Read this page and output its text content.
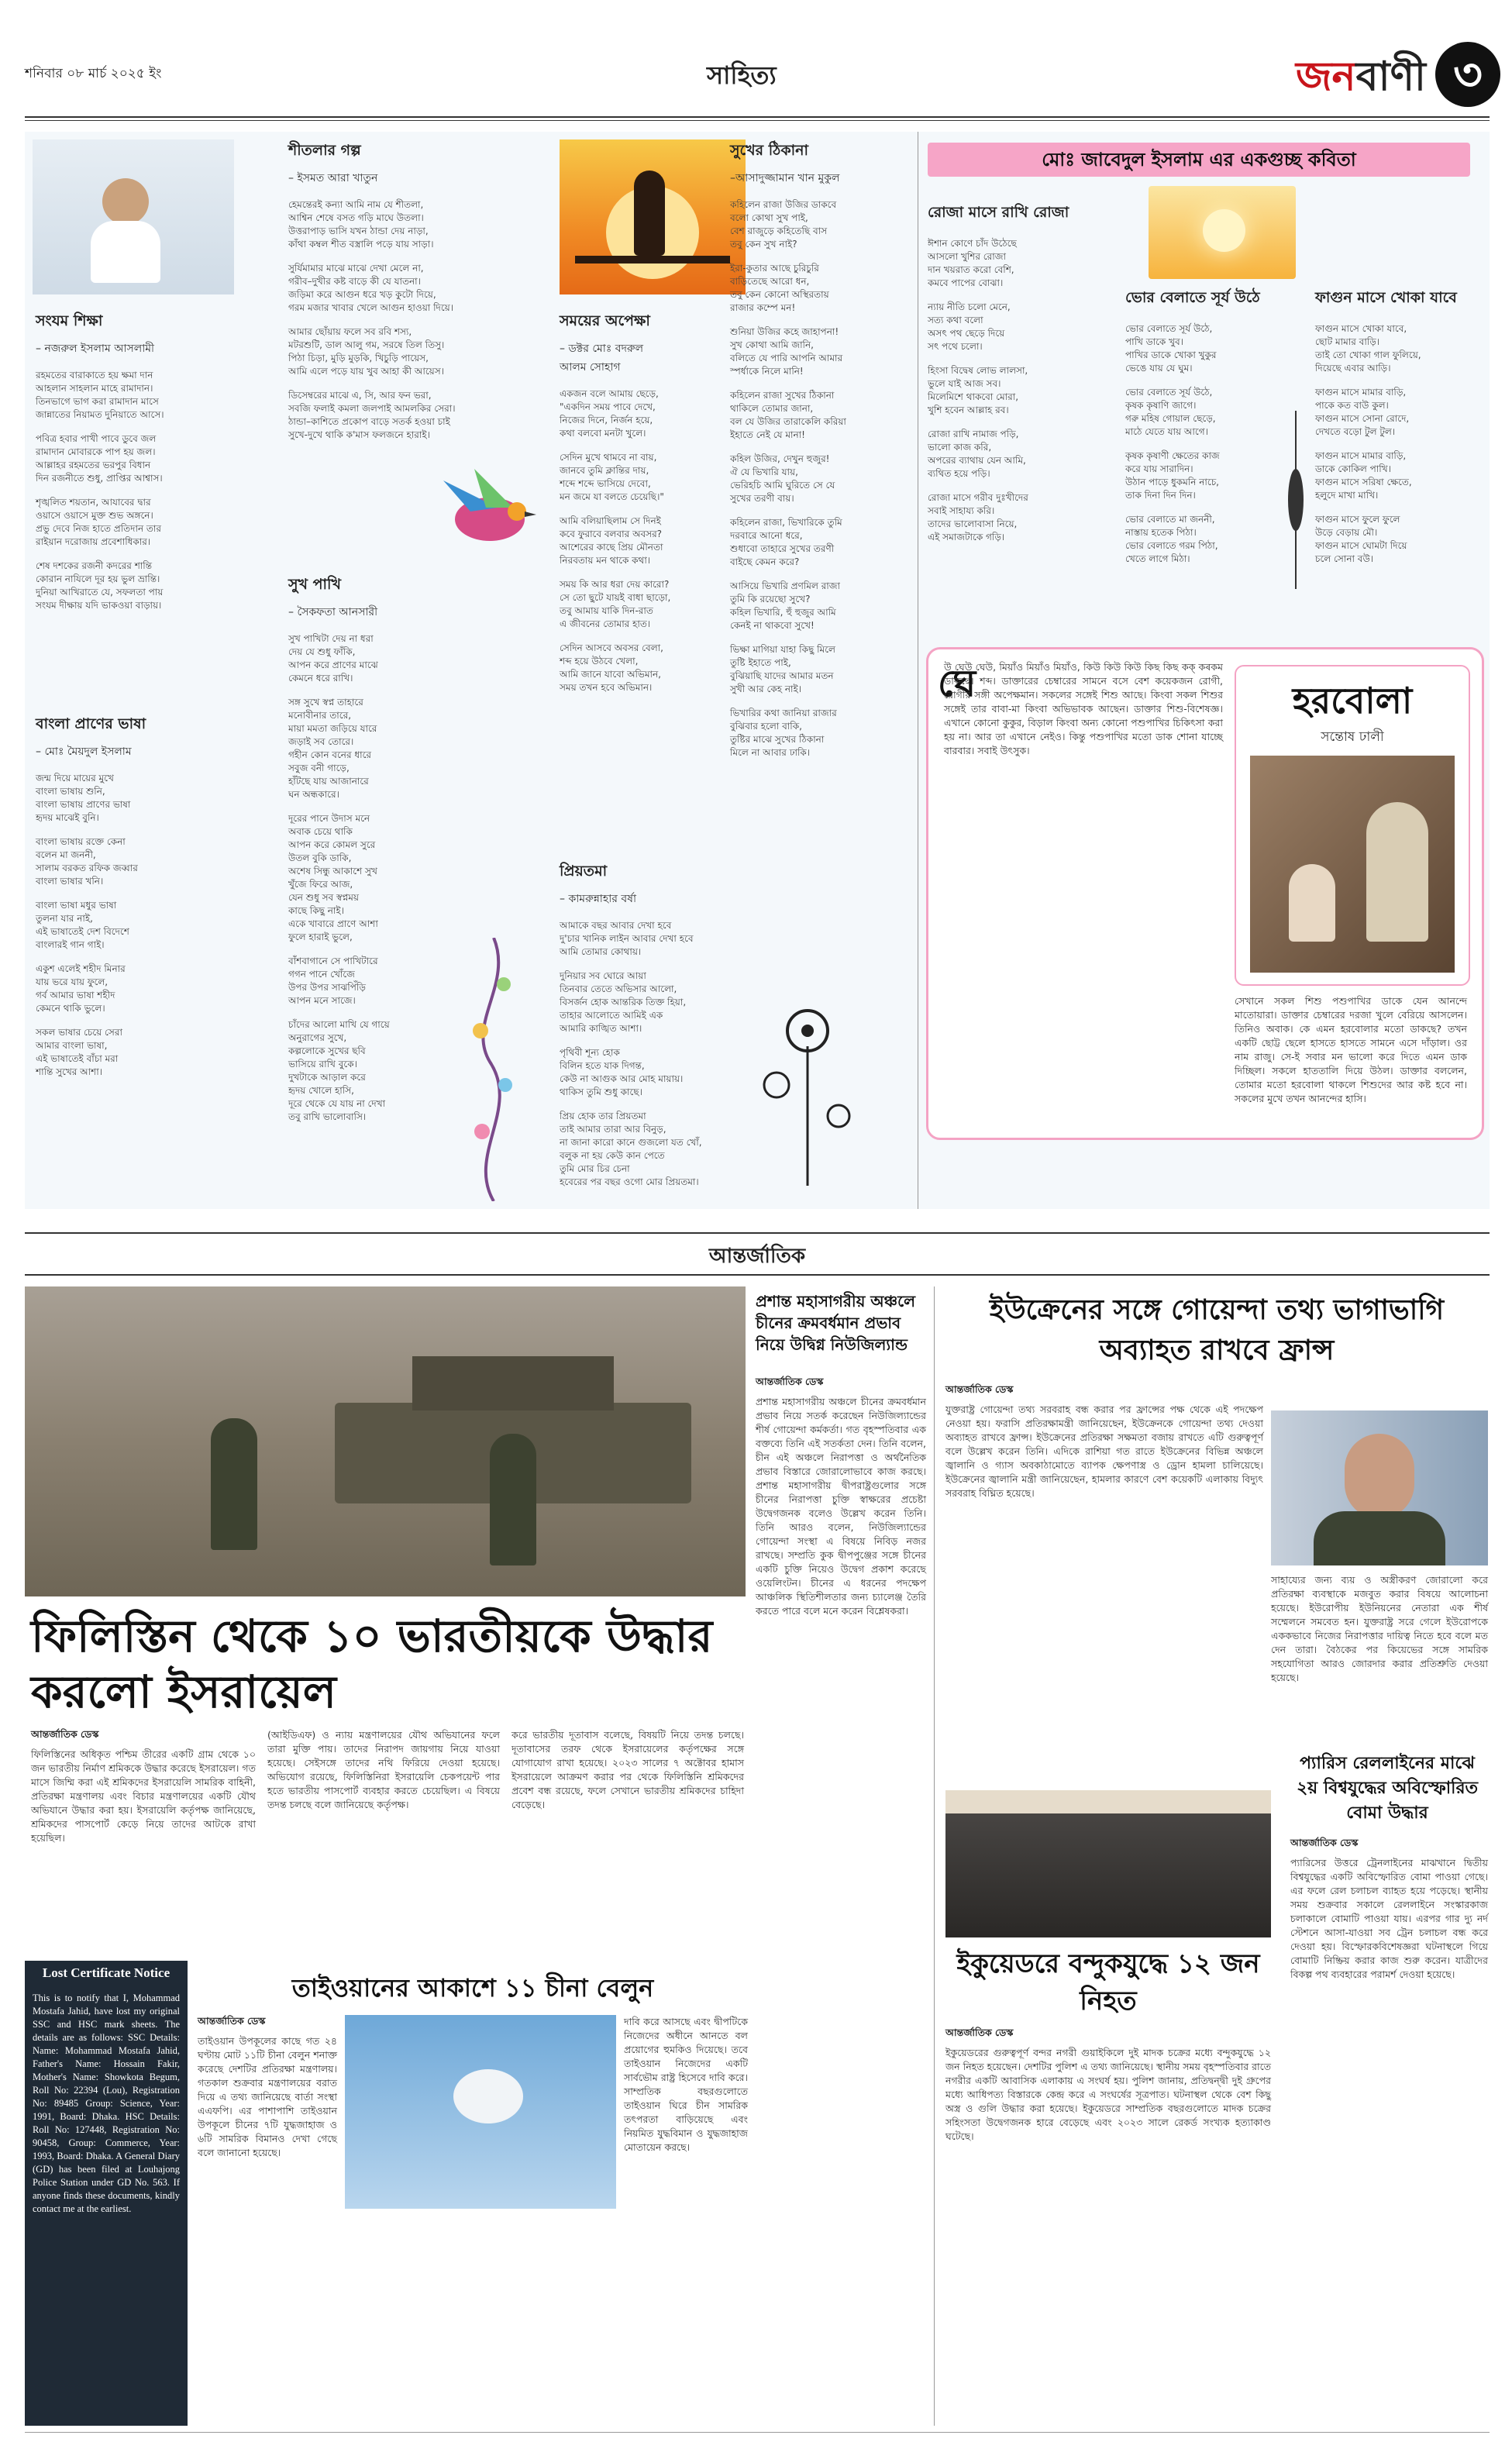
শনিবার ০৮ মার্চ ২০২৫ ইং	সাহিত্য	জনবাণী ৩
সংযম শিক্ষা
– নজরুল ইসলাম আসলামী
রহমতের বারাকাতে হয় ক্ষমা দান
আহলান সাহলান মাহে রামাদান।
তিনভাগে ভাগ করা রামাদান মাসে
জান্নাতের নিয়ামত দুনিয়াতে আসে।
পবিত্র হবার পাখী পাবে ডুবে জল
রামাদান মোবারকে পাপ হয় জল।
আল্লাহর রহমতের ভরপুর বিধান
দিন রজনীতে শুধু, প্রাপ্তির আশ্বাস।
শৃঙ্খলিত শয়তান, আযাবের দ্বার
ওয়াসে ওয়াসে মুক্ত শুভ অঙ্গনে।
প্রভু দেবে নিজ হাতে প্রতিদান তার
রাইয়ান দরোজায় প্রবেশাধিকার।
শেষ দশকের রজনী কদরের শান্তি
কোরান নাযিলে দূর হয় ভুল ভ্রান্তি।
দুনিয়া আখিরাতে যে, সফলতা পায়
সংযম দীক্ষায় যদি ভাকওয়া বাড়ায়।
বাংলা প্রাণের ভাষা
– মোঃ মৈয়দুল ইসলাম
জন্ম দিয়ে মায়ের মুখে
বাংলা ভাষায় শুনি,
বাংলা ভাষায় প্রাণের ভাষা
হৃদয় মাঝেই বুনি।
বাংলা ভাষায় রক্তে কেনা
বলেন মা জননী,
সালাম বরকত রফিক জব্বার
বাংলা ভাষার খনি।
বাংলা ভাষা মধুর ভাষা
তুলনা যার নাই,
এই ভাষাতেই দেশ বিদেশে
বাংলারই গান গাই।
একুশ এলেই শহীদ মিনার
যায় ভরে যায় ফুলে,
গর্ব আমার ভাষা শহীদ
কেমনে থাকি ভুলে।
সকল ভাষার চেয়ে সেরা
আমার বাংলা ভাষা,
এই ভাষাতেই বাঁচা মরা
শান্তি সুখের আশা।
শীতলার গল্প
– ইসমত আরা খাতুন
হেমন্তেরই কন্যা আমি নাম যে শীতলা,
আশ্বিন শেষে বসত গড়ি মাঘে উতলা।
উত্তরাপাড় ভাসি যখন ঠান্ডা দেয় নাড়া,
কাঁথা কম্বল শীত বস্ত্রালি পড়ে যায় সাড়া।
সুর্যিমামার মাঝে মাঝে দেখা মেলে না,
গরীব–দুখীর কষ্ট বাড়ে কী যে যাতনা।
জড়িমা করে আগুন ধরে খড় কুটো দিয়ে,
গরম মজার খাবার খেলে আগুন হাওয়া দিয়ে।
আমার ছোঁয়ায় ফলে সব রবি শস্য,
মটরশুটি, ডাল আলু গম, সরষে তিল তিসু।
পিঠা চিড়া, মুড়ি মুড়কি, খিচুড়ি পায়েস,
আমি এলে পড়ে যায় খুব আহা কী আয়েস।
ডিসেম্বরের মাঝে এ, সি, আর ফন ভরা,
সবজি ফলাই কমলা জলপাই আমলকির সেরা।
ঠান্ডা–কাশিতে প্রকোপ বাড়ে সতর্ক হওয়া চাই
সুখে-দুখে থাকি ক'মাস ফলজনে হারাই।
সুখ পাখি
– সৈকফতা আনসারী
সুখ পাখিটা দেয় না ধরা
দেয় যে শুধু ফাঁকি,
আপন করে প্রাণের মাঝে
কেমনে ধরে রাখি।
সঙ্গ সুখে স্বপ্ন তাহারে
মনোবীনার তারে,
মায়া মমতা জড়িয়ে যারে
জড়াই সব তোরে।
গহীন কোন বনের ধারে
সবুজ বনী গাড়ে,
হাঁটছে যায় আজানারে
ঘন অন্ধকারে।
দূরের পানে উদাস মনে
অবাক চেয়ে থাকি
আপন করে কোমল সুরে
উতল বুকি ডাকি,
অশেষ সিন্ধু আকাশে সুখ
খুঁজে ফিরে আজ,
যেন শুধু সব স্বপ্নময়
কাছে কিছু নাই।
একে খাবারে প্রাণে আশা
ফুলে হারাই ভুলে,
বাঁশবাগানে সে পাখিটারে
গগন পানে খোঁজে
উপর উপর সাঝপিঁড়ি
আপন মনে সাজে।
চাঁদের আলো মাখি যে গায়ে
অনুরাগের সুখে,
কল্পলোকে সুখের ছবি
ভাসিয়ে রাখি বুকে।
দুখটাকে আড়াল করে
হৃদয় খোলে হাসি,
দূরে থেকে যে যায় না দেখা
তবু রাখি ভালোবাসি।
সময়ের অপেক্ষা
– ডক্টর মোঃ বদরুল
আলম সোহাগ
একজন বলে আমায় ছেড়ে,
"একদিন সময় পাবে দেখে,
নিজের দিনে, নির্জন হয়ে,
কথা বলবো মনটা খুলে।
সেদিন মুখে থামবে না বায়,
জানবে তুমি ক্লান্তির দায়,
শব্দে শব্দে ভাসিয়ে দেবো,
মন জমে যা বলতে চেয়েছি।"
আমি বলিয়াছিলাম সে দিনই
কবে ফুরাবে বলবার অবসর?
আশেরের কাছে প্রিয় মৌনতা
নিরবতায় মন থাকে কথা।
সময় কি আর ধরা দেয় কারো?
সে তো ছুটে যায়ই বাধা ছাড়ো,
তবু আমায় যাকি দিন-রাত
এ জীবনের তোমার হাত।
সেদিন আসবে অবসর বেলা,
শব্দ হয়ে উঠবে খেলা,
আমি জানে যাবো অভিমান,
সময় তখন হবে অভিমান।
প্রিয়তমা
– কামরুন্নাহার বর্ষা
আমাকে বছর আবার দেখা হবে
দু'চার খানিক লাইন আবার দেখা হবে
আমি তোমার কোথায়।
দুনিয়ার সব ঘোরে আয়া
তিনবার তেতে অভিসার আলো,
বিসর্জন হোক আন্তরিক তিক্ত হিয়া,
তাহার আলোতে আমিই এক
আমারি কাঙ্খিত আশা।
পৃথিবী শূন্য হোক
বিলিন হতে যাক দিগন্ত,
কেউ না আগুক আর মোহ মায়ায়।
থাকিস তুমি শুধু কাছে।
প্রিয় হোক তার প্রিয়তমা
তাই আমার তারা আর বিনুড়,
না জানা কারো কানে গুজলো যত খোঁ,
বলুক না হয় কেউ কান পেতে
তুমি মোর চির চেনা
হবেরের পর বছর ওগো মোর প্রিয়তমা।
সুখের ঠিকানা
–আসাদুজ্জামান খান মুকুল
কহিলেন রাজা উজির ডাকবে
বলো কোথা সুখ পাই,
বেশ রাজুড়ে কহিতেছি বাস
তবু কেন সুখ নাই?
ইরা-কুতার আছে চুরিচুরি
বাড়িতেছে আরো ধন,
তবু কেন কোনো অস্থিরতায়
রাজার কম্পে মন!
শুনিয়া উজির কহে জাহাপনা!
সুখ কোথা আমি জানি,
বলিতে যে পারি আপনি আমার
স্পর্ধাকে নিলে মানি!
কহিলেন রাজা সুখের ঠিকানা
থাকিলে তোমার জানা,
বল যে উজির তারাকেলি করিয়া
ইহাতে নেই যে মানা!
কহিল উজির, দেখুন হুজুর!
ঐ যে ভিখারি যায়,
ভেরিহচি আমি ঘুরিতে সে যে
সুখের তরণী বায়।
কহিলেন রাজা, ভিখারিকে তুমি
দরবারে আনো ধরে,
শুধাবো তাহারে সুখের তরণী
বাইছে কেমন করে?
আসিয়ে ভিখারি প্রণমিল রাজা
তুমি কি রয়েছো সুখে?
কহিল ভিখারি, হুঁ হুজুর আমি
কেনই না থাকবো সুখে!
ভিক্ষা মাগিয়া যাহা কিছু মিলে
তুষ্টি ইহাতে পাই,
বুঝিয়াছি যাদের আমার মতন
সুখী আর কেহ নাই।
ভিখারির কথা জানিয়া রাজার
বুঝিবার হলো বাকি,
তুষ্টির মাঝে সুখের ঠিকানা
মিলে না আবার ঢাকি।
মোঃ জাবেদুল ইসলাম এর একগুচ্ছ কবিতা
রোজা মাসে রাখি রোজা
ঈশান কোণে চাঁদ উঠেছে
আসলো খুশির রোজা
দান খয়রাত করো বেশি,
কমবে পাপের বোঝা।
ন্যায় নীতি চলো মেনে,
সত্য কথা বলো
অসৎ পথ ছেড়ে দিয়ে
সৎ পথে চলো।
হিংসা বিদ্বেষ লোভ লালসা,
ভুলে যাই আজ সব।
মিলেমিশে থাকবো মোরা,
খুশি হবেন আল্লাহ রব।
রোজা রাখি নামাজ পড়ি,
ভালো কাজ করি,
অপরের ব্যাথায় যেন আমি,
ব্যথিত হয়ে পড়ি।
রোজা মাসে গরীব দুঃখীদের
সবাই সাহায্য করি।
তাদের ভালোবাসা নিয়ে,
এই সমাজটাকে গড়ি।
ভোর বেলাতে সূর্য উঠে
ভোর বেলাতে সূর্য উঠে,
পাখি ডাকে খুব।
পাখির ডাকে খোকা খুকুর
ভেঙে যায় যে ঘুম।
ভোর বেলাতে সূর্য উঠে,
কৃষক কৃষাণি জাগে।
গরু মহিষ গোয়াল ছেড়ে,
মাঠে যেতে যায় আগে।
কৃষক কৃষাণী ক্ষেতের কাজ
করে যায় সারাদিন।
উঠান পাড়ে ধুকমনি নাচে,
তাক দিনা দিন দিন।
ভোর বেলাতে মা জননী,
নাস্তায় হতেক পিঠা।
ভোর বেলাতে গরম পিঠা,
খেতে লাগে মিঠা।
ফাগুন মাসে খোকা যাবে
ফাগুন মাসে খোকা যাবে,
ছোট মামার বাড়ি।
তাই তো খোকা গাল ফুলিয়ে,
দিয়েছে এবার আড়ি।
ফাগুন মাসে মামার বাড়ি,
পাকে কত বাউ কুল।
ফাগুন মাসে সোনা রোদে,
দেখতে বড়ো টুল টুল।
ফাগুন মাসে মামার বাড়ি,
ডাকে কোকিল পাখি।
ফাগুন মাসে সরিষা ক্ষেতে,
হলুদে মাখা মাখি।
ফাগুন মাসে ফুলে ফুলে
উড়ে বেড়ায় মৌ।
ফাগুন মাসে ঘোমটা দিয়ে
চলে সোনা বউ।
ঘে
উ ঘেউ ঘেউ, মিয়াঁও মিয়াঁও মিয়াঁও, কিউ কিউ কিউ কিছ কিছ কক্ কৰকম ডাকছে। শব্দ। ডাক্তারের চেম্বারের সামনে বসে বেশ কয়েকজন রোগী, রোগীর সঙ্গী অপেক্ষমান। সকলের সঙ্গেই শিশু আছে। কিংবা সকল শিশুর সঙ্গেই তার বাবা-মা কিংবা অভিভাবক আছেন। ডাক্তার শিশু-বিশেষজ্ঞ। এখানে কোনো কুকুর, বিড়াল কিংবা অন্য কোনো পশুপাখির চিকিৎসা করা হয় না। আর তা এখানে নেইও। কিন্তু পশুপাখির মতো ডাক শোনা যাচ্ছে বারবার। সবাই উৎসুক।
হরবোলা
সন্তোষ ঢালী
সেখানে সকল শিশু পশুপাখির ডাকে যেন আনন্দে মাতোয়ারা। ডাক্তার চেম্বারের দরজা খুলে বেরিয়ে আসলেন। তিনিও অবাক। কে এমন হরবোলার মতো ডাকছে? তখন একটি ছোট্ট ছেলে হাসতে হাসতে সামনে এসে দাঁড়াল। ওর নাম রাজু। সে-ই সবার মন ভালো করে দিতে এমন ডাক দিচ্ছিল। সকলে হাততালি দিয়ে উঠল। ডাক্তার বললেন, তোমার মতো হরবোলা থাকলে শিশুদের আর কষ্ট হবে না। সকলের মুখে তখন আনন্দের হাসি।
আন্তর্জাতিক
ফিলিস্তিন থেকে ১০ ভারতীয়কে উদ্ধার করলো ইসরায়েল
আন্তর্জাতিক ডেস্ক
ফিলিস্তিনের অধিকৃত পশ্চিম তীরের একটি গ্রাম থেকে ১০ জন ভারতীয় নির্মাণ শ্রমিককে উদ্ধার করেছে ইসরায়েল। গত মাসে জিম্মি করা এই শ্রমিকদের ইসরায়েলি সামরিক বাহিনী, প্রতিরক্ষা মন্ত্রণালয় এবং বিচার মন্ত্রণালয়ের একটি যৌথ অভিযানে উদ্ধার করা হয়। ইসরায়েলি কর্তৃপক্ষ জানিয়েছে, শ্রমিকদের পাসপোর্ট কেড়ে নিয়ে তাদের আটকে রাখা হয়েছিল।
(আইডিএফ) ও ন্যায় মন্ত্রণালয়ের যৌথ অভিযানের ফলে তারা মুক্তি পায়। তাদের নিরাপদ জায়গায় নিয়ে যাওয়া হয়েছে। সেইসঙ্গে তাদের নথি ফিরিয়ে দেওয়া হয়েছে। অভিযোগ রয়েছে, ফিলিস্তিনিরা ইসরায়েলি চেকপয়েন্ট পার হতে ভারতীয় পাসপোর্ট ব্যবহার করতে চেয়েছিল। এ বিষয়ে তদন্ত চলছে বলে জানিয়েছে কর্তৃপক্ষ।
করে ভারতীয় দূতাবাস বলেছে, বিষয়টি নিয়ে তদন্ত চলছে। দূতাবাসের তরফ থেকে ইসরায়েলের কর্তৃপক্ষের সঙ্গে যোগাযোগ রাখা হয়েছে। ২০২৩ সালের ৭ অক্টোবর হামাস ইসরায়েলে আক্রমণ করার পর থেকে ফিলিস্তিনি শ্রমিকদের প্রবেশ বন্ধ রয়েছে, ফলে সেখানে ভারতীয় শ্রমিকদের চাহিদা বেড়েছে।
Lost Certificate Notice
This is to notify that I, Mohammad Mostafa Jahid, have lost my original SSC and HSC mark sheets. The details are as follows: SSC Details: Name: Mohammad Mostafa Jahid, Father's Name: Hossain Fakir, Mother's Name: Showkota Begum, Roll No: 22394 (Lou), Registration No: 89485 Group: Science, Year: 1991, Board: Dhaka. HSC Details: Roll No: 127448, Registration No: 90458, Group: Commerce, Year: 1993, Board: Dhaka. A General Diary (GD) has been filed at Louhajong Police Station under GD No. 563. If anyone finds these documents, kindly contact me at the earliest.
তাইওয়ানের আকাশে ১১ চীনা বেলুন
আন্তর্জাতিক ডেস্ক
তাইওয়ান উপকূলের কাছে গত ২৪ ঘণ্টায় মোট ১১টি চীনা বেলুন শনাক্ত করেছে দেশটির প্রতিরক্ষা মন্ত্রণালয়। গতকাল শুক্রবার মন্ত্রণালয়ের বরাত দিয়ে এ তথ্য জানিয়েছে বার্তা সংস্থা এএফপি। এর পাশাপাশি তাইওয়ান উপকূলে চীনের ৭টি যুদ্ধজাহাজ ও ৬টি সামরিক বিমানও দেখা গেছে বলে জানানো হয়েছে।
দাবি করে আসছে এবং দ্বীপটিকে নিজেদের অধীনে আনতে বল প্রয়োগের হুমকিও দিয়েছে। তবে তাইওয়ান নিজেদের একটি সার্বভৌম রাষ্ট্র হিসেবে দাবি করে। সাম্প্রতিক বছরগুলোতে তাইওয়ান ঘিরে চীন সামরিক তৎপরতা বাড়িয়েছে এবং নিয়মিত যুদ্ধবিমান ও যুদ্ধজাহাজ মোতায়েন করছে।
প্রশান্ত মহাসাগরীয় অঞ্চলে চীনের ক্রমবর্ধমান প্রভাব নিয়ে উদ্বিগ্ন নিউজিল্যান্ড
আন্তর্জাতিক ডেস্ক
প্রশান্ত মহাসাগরীয় অঞ্চলে চীনের ক্রমবর্ধমান প্রভাব নিয়ে সতর্ক করেছেন নিউজিল্যান্ডের শীর্ষ গোয়েন্দা কর্মকর্তা। গত বৃহস্পতিবার এক বক্তব্যে তিনি এই সতর্কতা দেন। তিনি বলেন, চীন এই অঞ্চলে নিরাপত্তা ও অর্থনৈতিক প্রভাব বিস্তারে জোরালোভাবে কাজ করছে। প্রশান্ত মহাসাগরীয় দ্বীপরাষ্ট্রগুলোর সঙ্গে চীনের নিরাপত্তা চুক্তি স্বাক্ষরের প্রচেষ্টা উদ্বেগজনক বলেও উল্লেখ করেন তিনি। তিনি আরও বলেন, নিউজিল্যান্ডের গোয়েন্দা সংস্থা এ বিষয়ে নিবিড় নজর রাখছে। সম্প্রতি কুক দ্বীপপুঞ্জের সঙ্গে চীনের একটি চুক্তি নিয়েও উদ্বেগ প্রকাশ করেছে ওয়েলিংটন। চীনের এ ধরনের পদক্ষেপ আঞ্চলিক স্থিতিশীলতার জন্য চ্যালেঞ্জ তৈরি করতে পারে বলে মনে করেন বিশ্লেষকরা।
ইউক্রেনের সঙ্গে গোয়েন্দা তথ্য ভাগাভাগি অব্যাহত রাখবে ফ্রান্স
আন্তর্জাতিক ডেস্ক
যুক্তরাষ্ট্র গোয়েন্দা তথ্য সরবরাহ বন্ধ করার পর ফ্রান্সের পক্ষ থেকে এই পদক্ষেপ নেওয়া হয়। ফরাসি প্রতিরক্ষামন্ত্রী জানিয়েছেন, ইউক্রেনকে গোয়েন্দা তথ্য দেওয়া অব্যাহত রাখবে ফ্রান্স। ইউক্রেনের প্রতিরক্ষা সক্ষমতা বজায় রাখতে এটি গুরুত্বপূর্ণ বলে উল্লেখ করেন তিনি। এদিকে রাশিয়া গত রাতে ইউক্রেনের বিভিন্ন অঞ্চলে জ্বালানি ও গ্যাস অবকাঠামোতে ব্যাপক ক্ষেপণাস্ত্র ও ড্রোন হামলা চালিয়েছে। ইউক্রেনের জ্বালানি মন্ত্রী জানিয়েছেন, হামলার কারণে বেশ কয়েকটি এলাকায় বিদ্যুৎ সরবরাহ বিঘ্নিত হয়েছে।
সাহায্যের জন্য ব্যয় ও অস্ত্রীকরণ জোরালো করে প্রতিরক্ষা ব্যবস্থাকে মজবুত করার বিষয়ে আলোচনা হয়েছে। ইউরোপীয় ইউনিয়নের নেতারা এক শীর্ষ সম্মেলনে সমবেত হন। যুক্তরাষ্ট্র সরে গেলে ইউরোপকে এককভাবে নিজের নিরাপত্তার দায়িত্ব নিতে হবে বলে মত দেন তারা। বৈঠকের পর কিয়েভের সঙ্গে সামরিক সহযোগিতা আরও জোরদার করার প্রতিশ্রুতি দেওয়া হয়েছে।
প্যারিস রেললাইনের মাঝে ২য় বিশ্বযুদ্ধের অবিস্ফোরিত বোমা উদ্ধার
আন্তর্জাতিক ডেস্ক
প্যারিসের উত্তরে ট্রেনলাইনের মাঝখানে দ্বিতীয় বিশ্বযুদ্ধের একটি অবিস্ফোরিত বোমা পাওয়া গেছে। এর ফলে রেল চলাচল ব্যাহত হয়ে পড়েছে। স্থানীয় সময় শুক্রবার সকালে রেললাইনে সংস্কারকাজ চলাকালে বোমাটি পাওয়া যায়। এরপর গার দ্যু নর্দ স্টেশনে আসা-যাওয়া সব ট্রেন চলাচল বন্ধ করে দেওয়া হয়। বিস্ফোরকবিশেষজ্ঞরা ঘটনাস্থলে গিয়ে বোমাটি নিষ্ক্রিয় করার কাজ শুরু করেন। যাত্রীদের বিকল্প পথ ব্যবহারের পরামর্শ দেওয়া হয়েছে।
ইকুয়েডরে বন্দুকযুদ্ধে ১২ জন নিহত
আন্তর্জাতিক ডেস্ক
ইকুয়েডরের গুরুত্বপূর্ণ বন্দর নগরী গুয়াইকিলে দুই মাদক চক্রের মধ্যে বন্দুকযুদ্ধে ১২ জন নিহত হয়েছেন। দেশটির পুলিশ এ তথ্য জানিয়েছে। স্থানীয় সময় বৃহস্পতিবার রাতে নগরীর একটি আবাসিক এলাকায় এ সংঘর্ষ হয়। পুলিশ জানায়, প্রতিদ্বন্দ্বী দুই গ্রুপের মধ্যে আধিপত্য বিস্তারকে কেন্দ্র করে এ সংঘর্ষের সূত্রপাত। ঘটনাস্থল থেকে বেশ কিছু অস্ত্র ও গুলি উদ্ধার করা হয়েছে। ইকুয়েডরে সাম্প্রতিক বছরগুলোতে মাদক চক্রের সহিংসতা উদ্বেগজনক হারে বেড়েছে এবং ২০২৩ সালে রেকর্ড সংখ্যক হত্যাকাণ্ড ঘটেছে।
